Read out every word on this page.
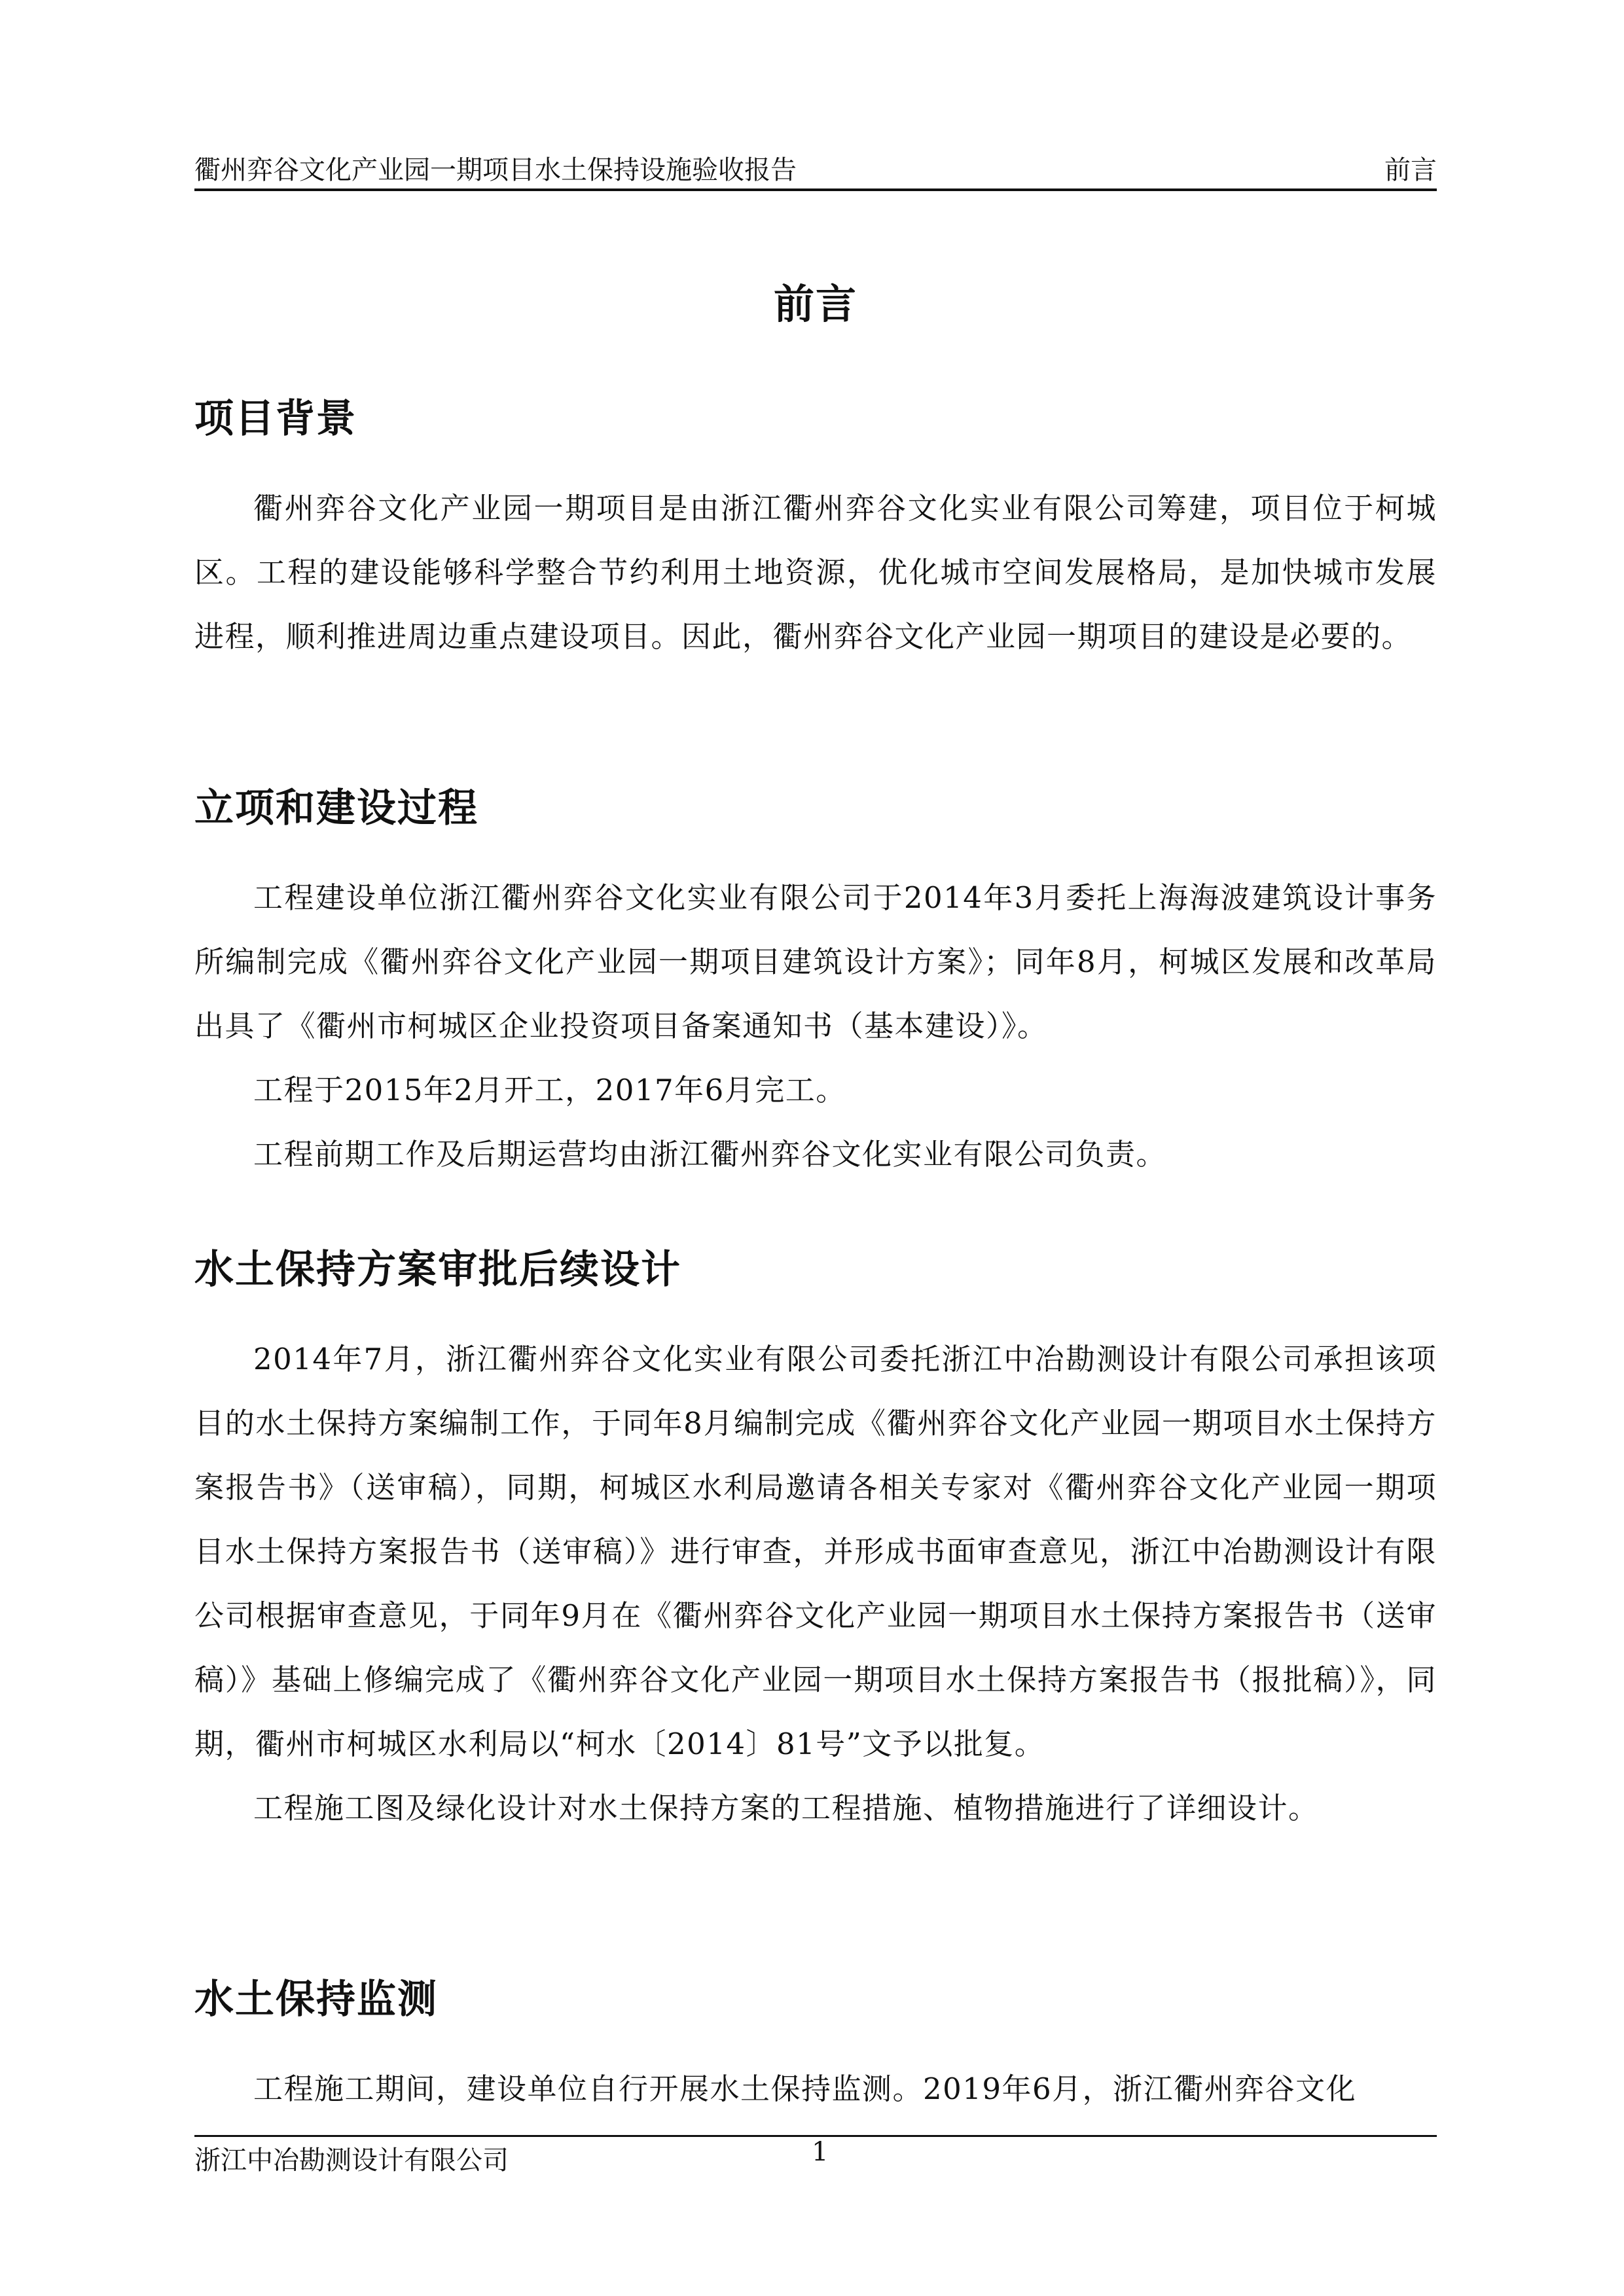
衢州弈谷文化产业园一期项目水土保持设施验收报告	前言
前言
项目背景

衢州弈谷文化产业园一期项目是由浙江衢州弈谷文化实业有限公司筹建，项目位于柯城区。工程的建设能够科学整合节约利用土地资源，优化城市空间发展格局，是加快城市发展进程，顺利推进周边重点建设项目。因此，衢州弈谷文化产业园一期项目的建设是必要的。

立项和建设过程

工程建设单位浙江衢州弈谷文化实业有限公司于2014年3月委托上海海波建筑设计事务所编制完成《衢州弈谷文化产业园一期项目建筑设计方案》；同年8月，柯城区发展和改革局出具了《衢州市柯城区企业投资项目备案通知书（基本建设）》。

工程于2015年2月开工，2017年6月完工。

工程前期工作及后期运营均由浙江衢州弈谷文化实业有限公司负责。

水土保持方案审批后续设计

2014年7月，浙江衢州弈谷文化实业有限公司委托浙江中冶勘测设计有限公司承担该项目的水土保持方案编制工作，于同年8月编制完成《衢州弈谷文化产业园一期项目水土保持方案报告书》（送审稿），同期，柯城区水利局邀请各相关专家对《衢州弈谷文化产业园一期项目水土保持方案报告书（送审稿）》进行审查，并形成书面审查意见，浙江中冶勘测设计有限公司根据审查意见，于同年9月在《衢州弈谷文化产业园一期项目水土保持方案报告书（送审稿）》基础上修编完成了《衢州弈谷文化产业园一期项目水土保持方案报告书（报批稿）》，同期，衢州市柯城区水利局以“柯水〔2014〕81号”文予以批复。

工程施工图及绿化设计对水土保持方案的工程措施、植物措施进行了详细设计。

水土保持监测

工程施工期间，建设单位自行开展水土保持监测。2019年6月，浙江衢州弈谷文化

浙江中冶勘测设计有限公司	1
